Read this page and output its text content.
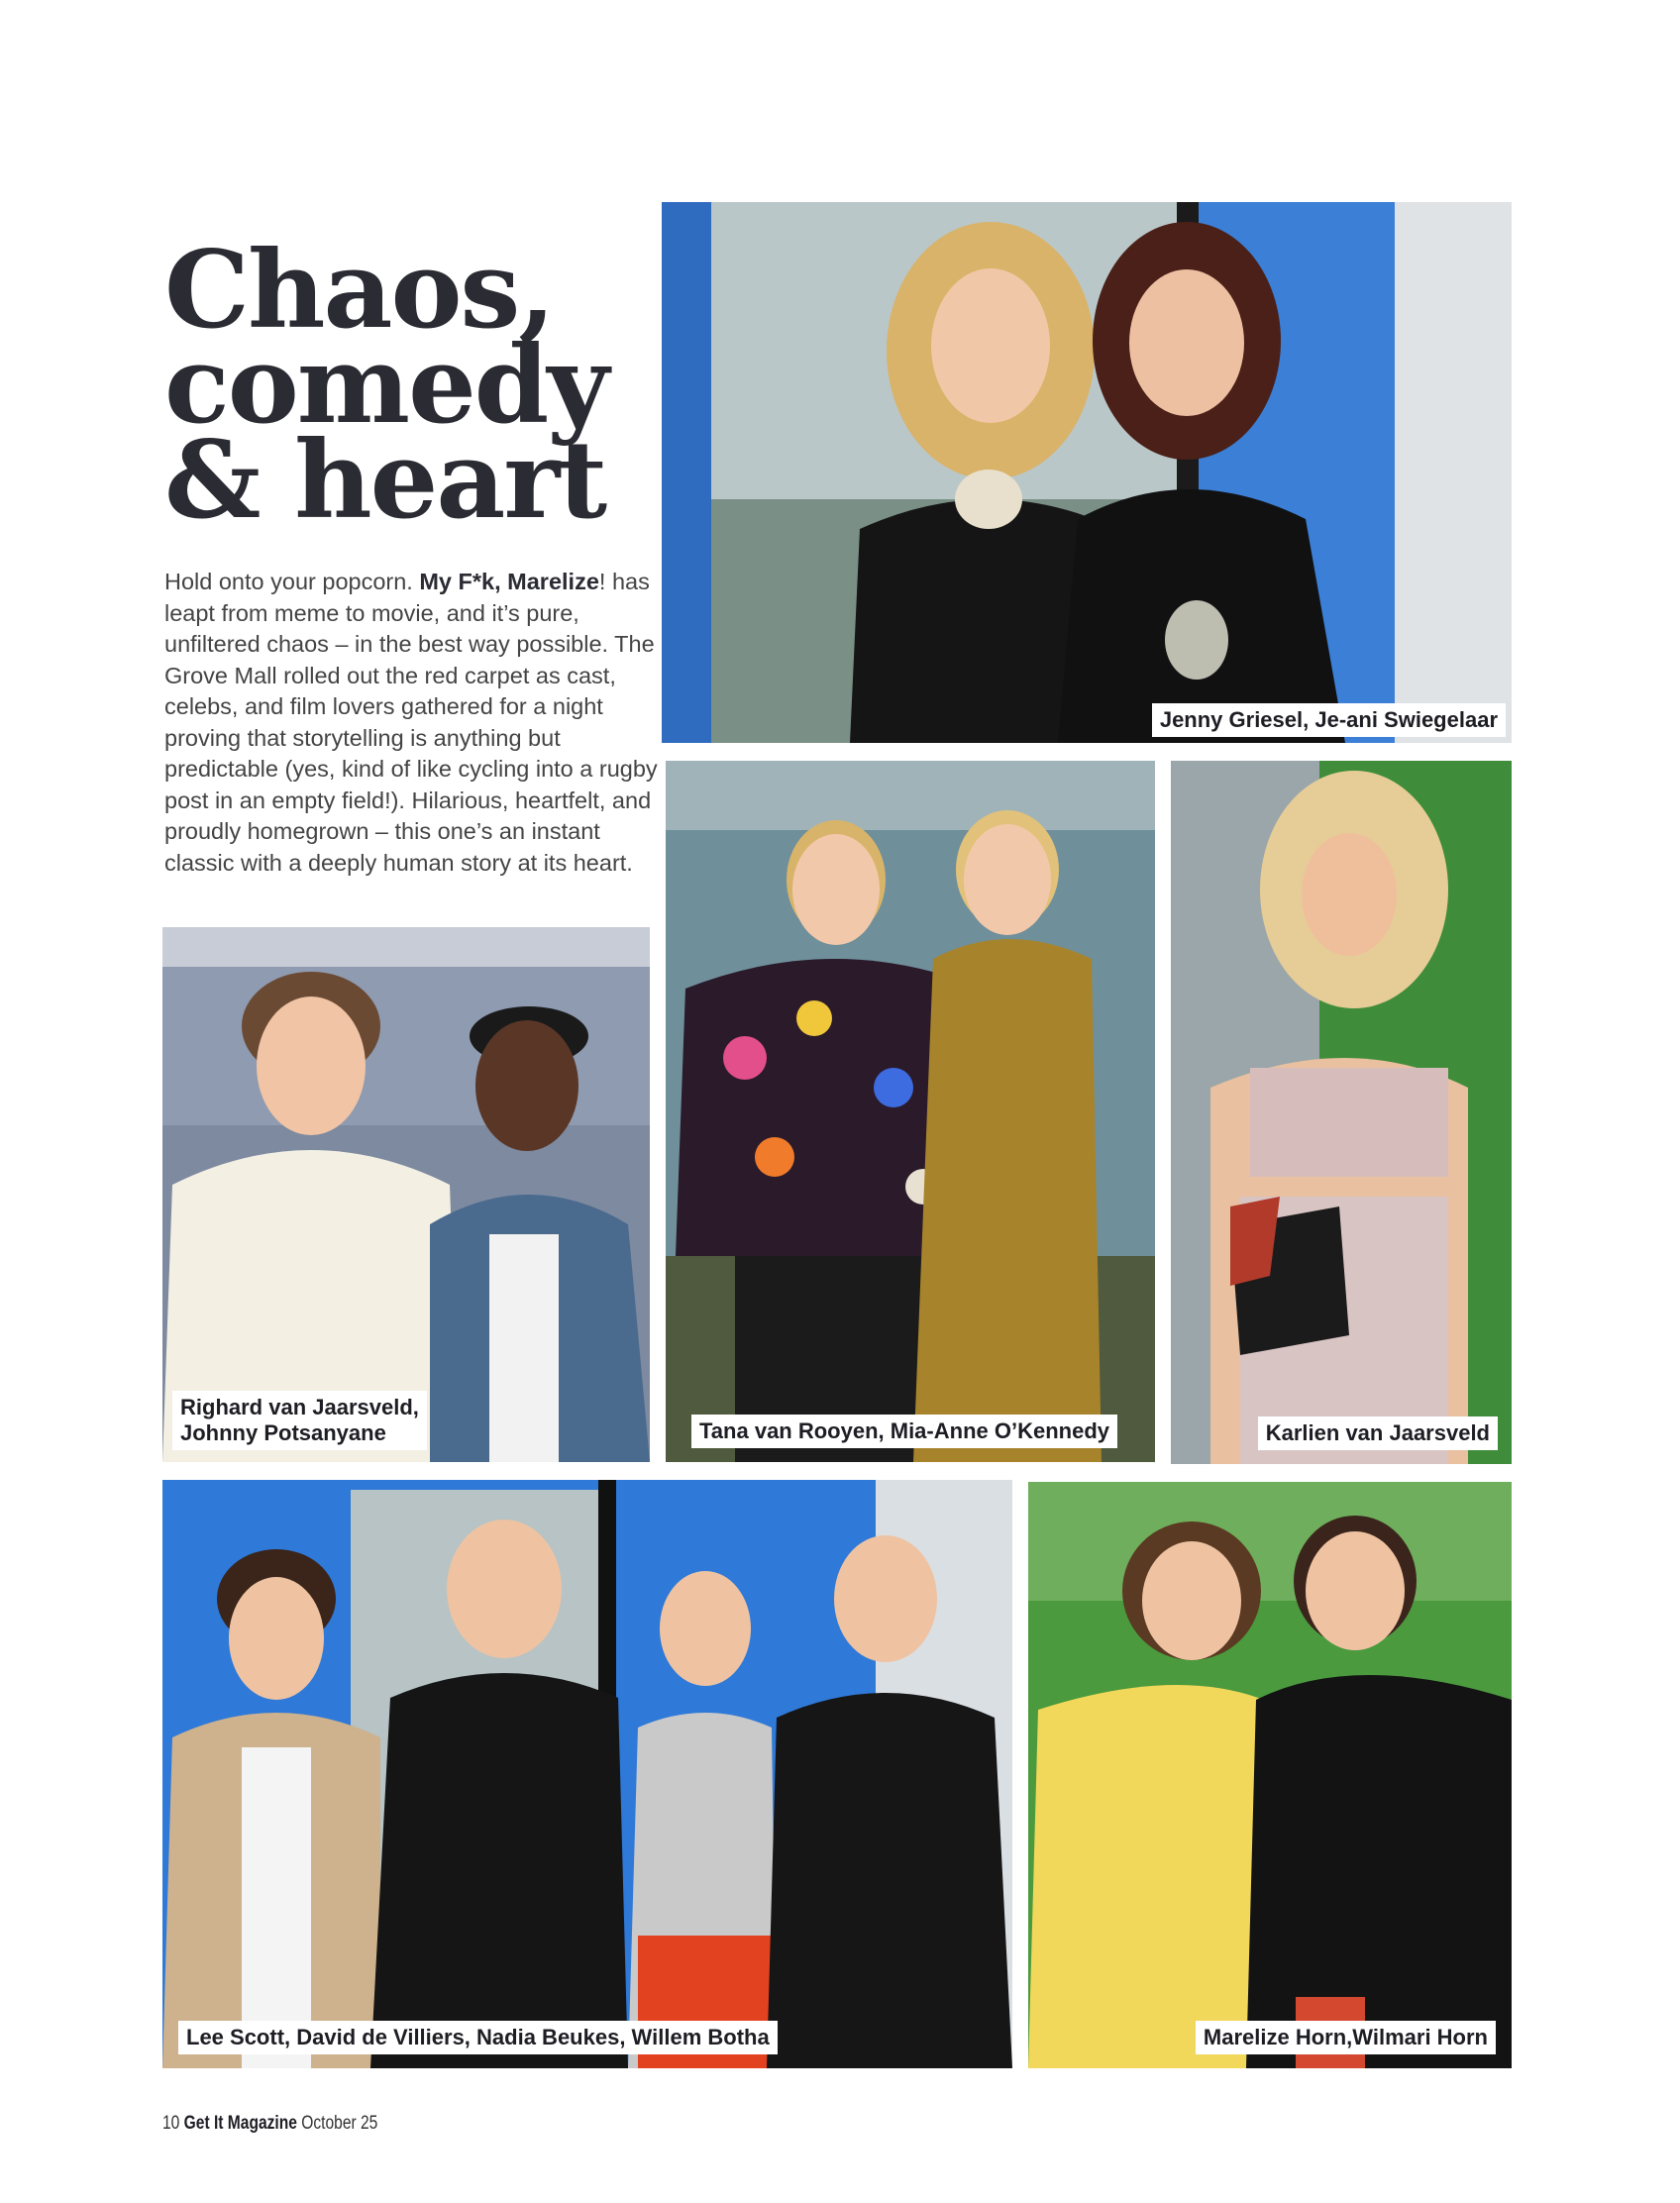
Chaos,
comedy
& heart

Hold onto your popcorn. My F*k, Marelize! has leapt from meme to movie, and it’s pure, unfiltered chaos – in the best way possible. The Grove Mall rolled out the red carpet as cast, celebs, and film lovers gathered for a night proving that storytelling is anything but predictable (yes, kind of like cycling into a rugby post in an empty field!). Hilarious, heartfelt, and proudly homegrown – this one’s an instant classic with a deeply human story at its heart.

Jenny Griesel, Je-ani Swiegelaar
Righard van Jaarsveld,
Johnny Potsanyane	Tana van Rooyen, Mia-Anne O’Kennedy	Karlien van Jaarsveld
Lee Scott, David de Villiers, Nadia Beukes, Willem Botha	Marelize Horn,Wilmari Horn
10 Get It Magazine October 25
